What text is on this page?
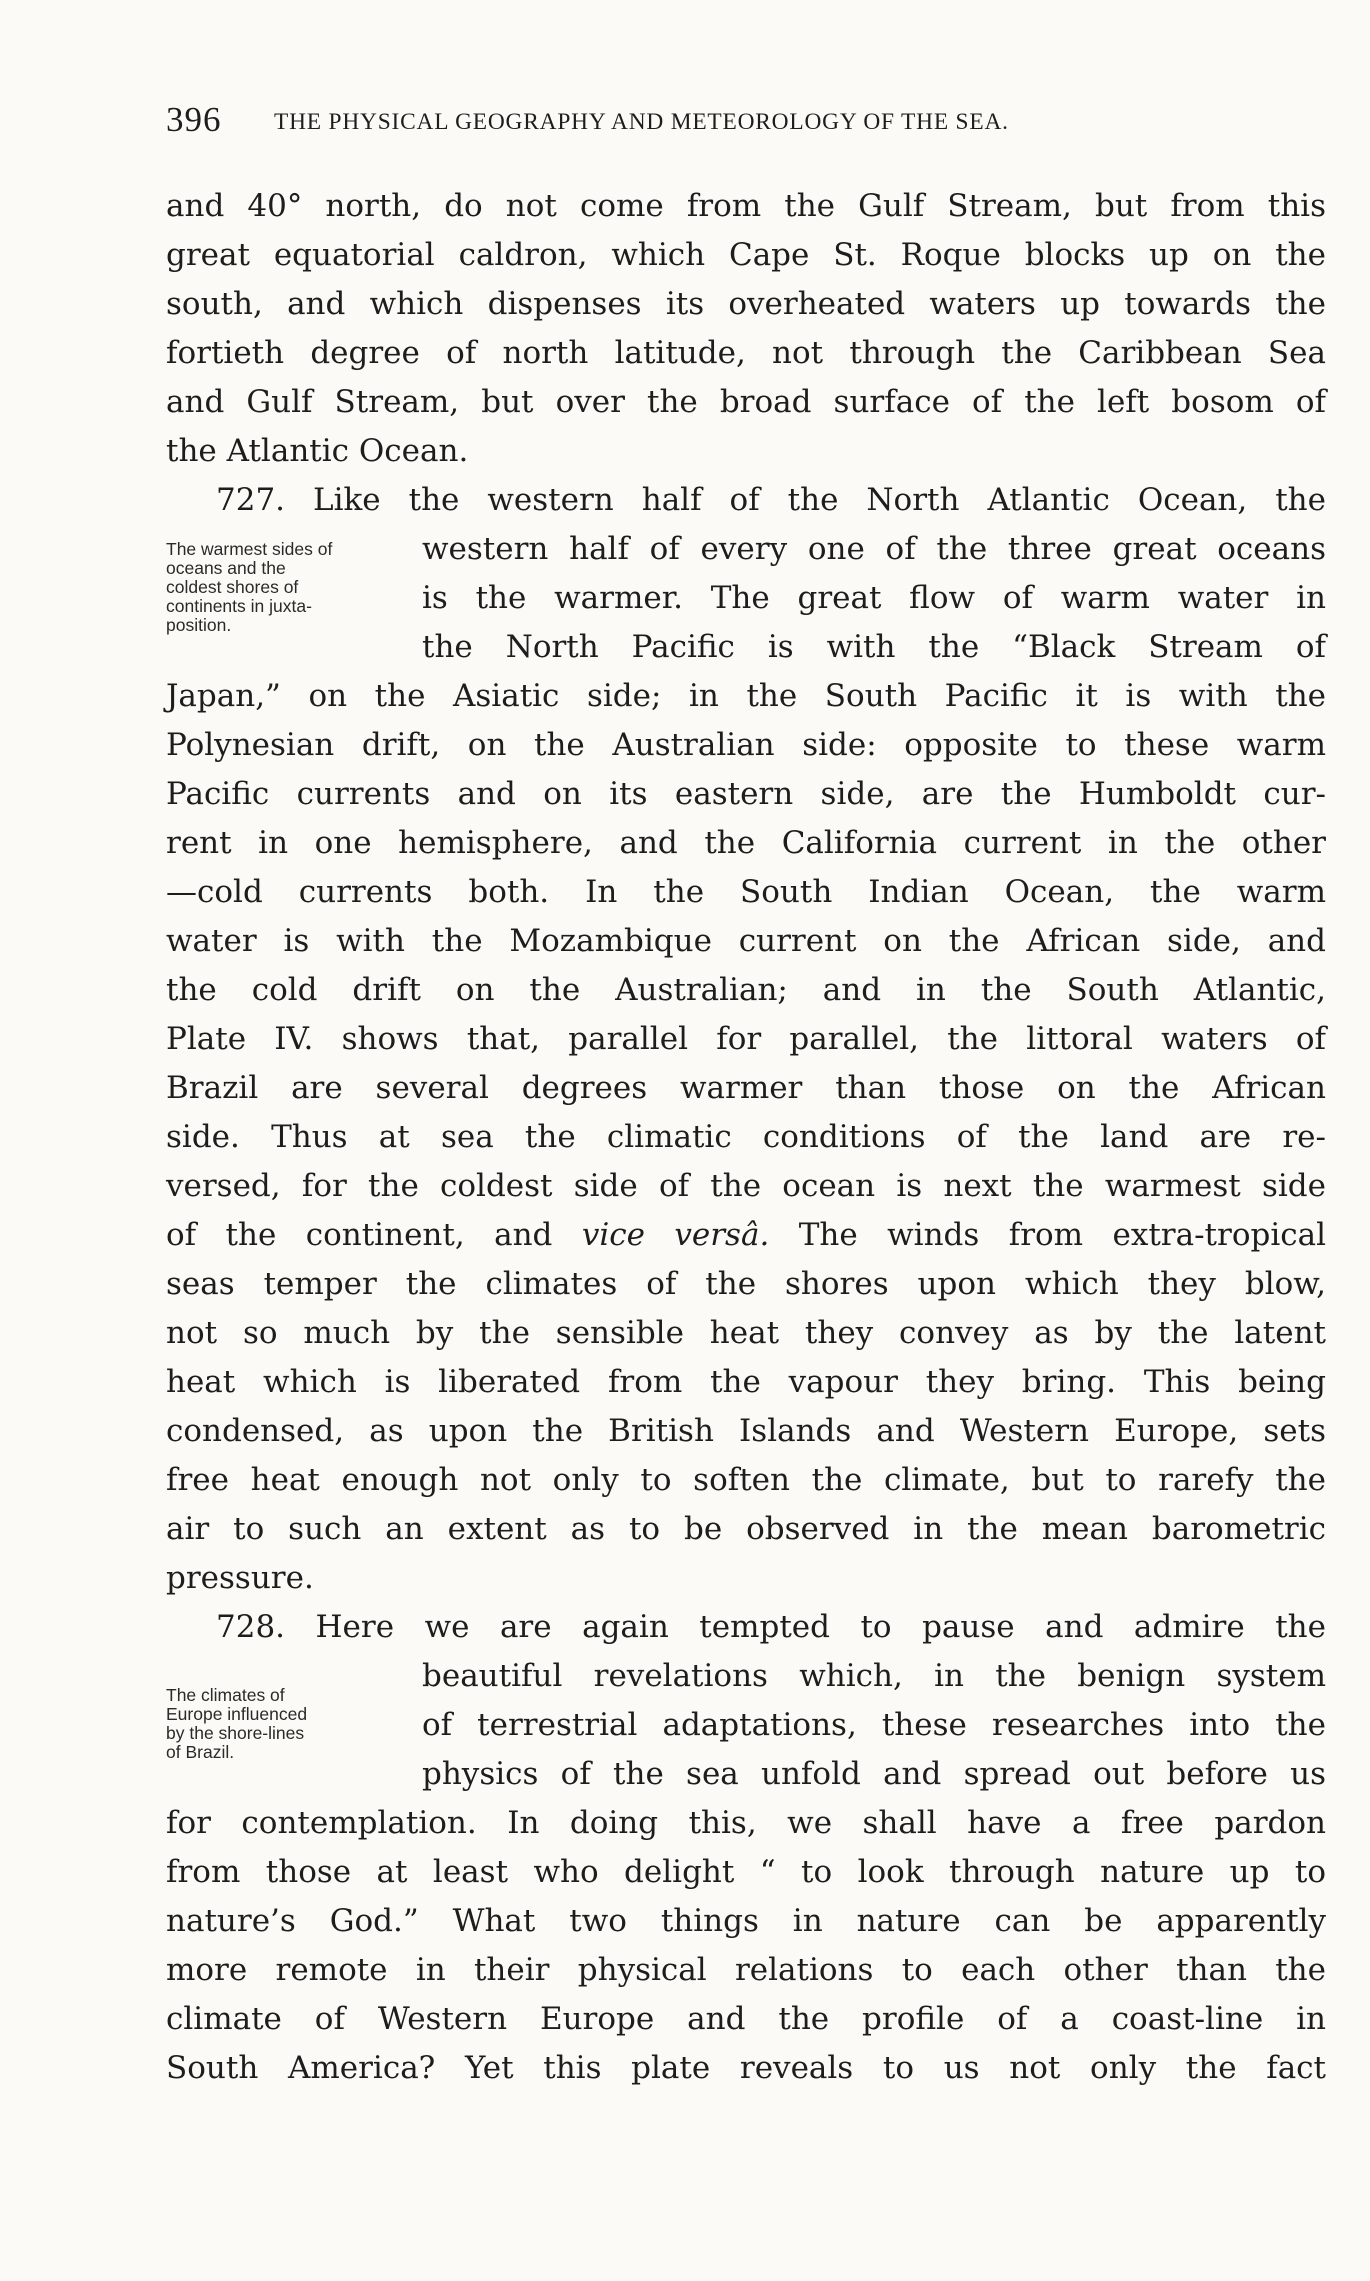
396 THE PHYSICAL GEOGRAPHY AND METEOROLOGY OF THE SEA.
and 40° north, do not come from the Gulf Stream, but from this
great equatorial caldron, which Cape St. Roque blocks up on the
south, and which dispenses its overheated waters up towards the
fortieth degree of north latitude, not through the Caribbean Sea
and Gulf Stream, but over the broad surface of the left bosom of
the Atlantic Ocean.
727. Like the western half of the North Atlantic Ocean, the
western half of every one of the three great oceans
is the warmer. The great flow of warm water in
the North Pacific is with the “Black Stream of
Japan,” on the Asiatic side; in the South Pacific it is with the
Polynesian drift, on the Australian side: opposite to these warm
Pacific currents and on its eastern side, are the Humboldt cur-
rent in one hemisphere, and the California current in the other
—cold currents both. In the South Indian Ocean, the warm
water is with the Mozambique current on the African side, and
the cold drift on the Australian; and in the South Atlantic,
Plate IV. shows that, parallel for parallel, the littoral waters of
Brazil are several degrees warmer than those on the African
side. Thus at sea the climatic conditions of the land are re-
versed, for the coldest side of the ocean is next the warmest side
of the continent, and vice versâ. The winds from extra-tropical
seas temper the climates of the shores upon which they blow,
not so much by the sensible heat they convey as by the latent
heat which is liberated from the vapour they bring. This being
condensed, as upon the British Islands and Western Europe, sets
free heat enough not only to soften the climate, but to rarefy the
air to such an extent as to be observed in the mean barometric
pressure.
728. Here we are again tempted to pause and admire the
beautiful revelations which, in the benign system
of terrestrial adaptations, these researches into the
physics of the sea unfold and spread out before us
for contemplation. In doing this, we shall have a free pardon
from those at least who delight “ to look through nature up to
nature’s God.” What two things in nature can be apparently
more remote in their physical relations to each other than the
climate of Western Europe and the profile of a coast-line in
South America? Yet this plate reveals to us not only the fact
The warmest sides of
oceans and the
coldest shores of
continents in juxta-
position.
The climates of
Europe influenced
by the shore-lines
of Brazil.
